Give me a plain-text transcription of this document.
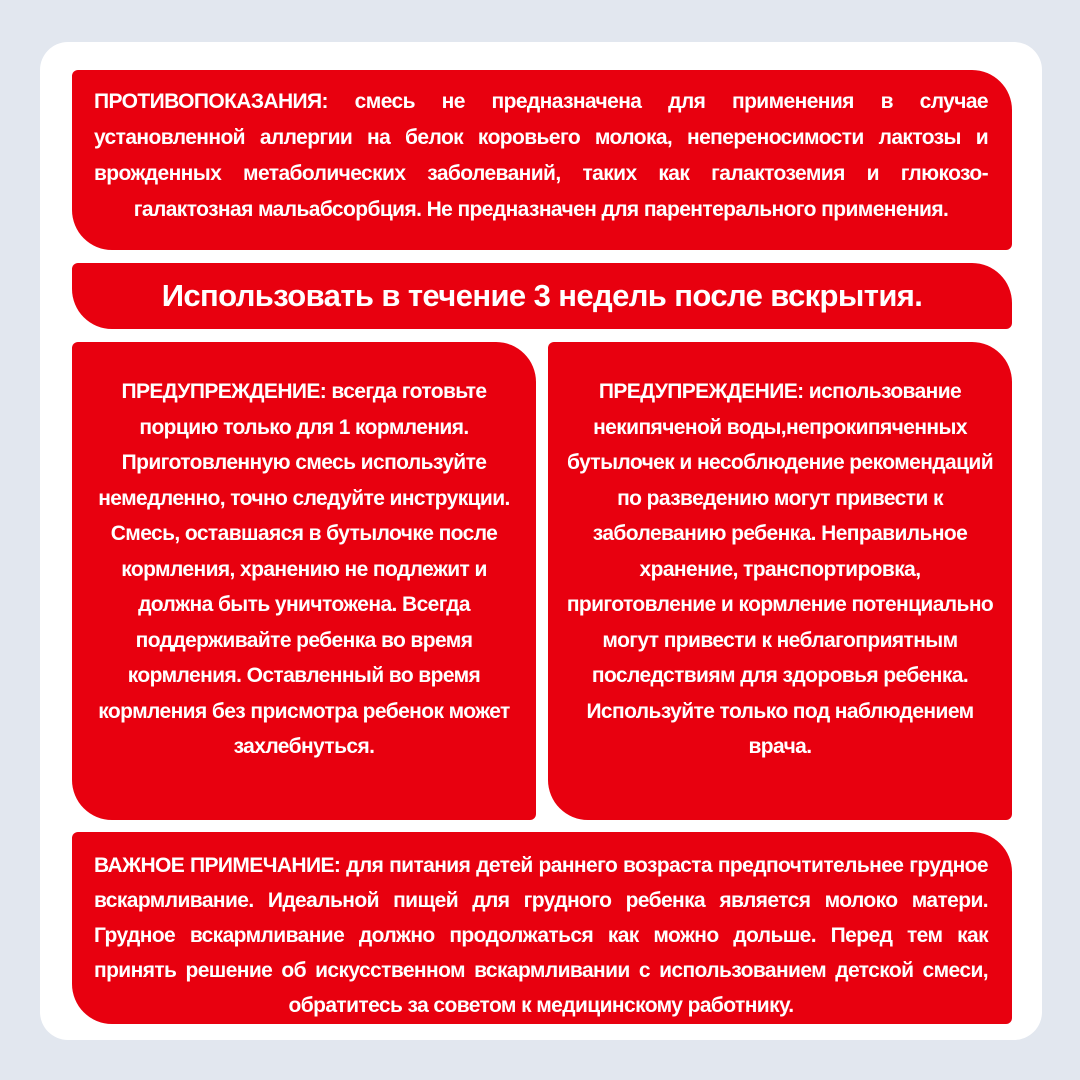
ПРОТИВОПОКАЗАНИЯ: смесь не предназначена для применения в случае установленной аллергии на белок коровьего молока, непереносимости лактозы и врожденных метаболических заболеваний, таких как галактоземия и глюкозо-галактозная мальабсорбция. Не предназначен для парентерального применения.

Использовать в течение 3 недель после вскрытия.

ПРЕДУПРЕЖДЕНИЕ: всегда готовьте порцию только для 1 кормления. Приготовленную смесь используйте немедленно, точно следуйте инструкции. Смесь, оставшаяся в бутылочке после кормления, хранению не подлежит и должна быть уничтожена. Всегда поддерживайте ребенка во время кормления. Оставленный во время кормления без присмотра ребенок может захлебнуться.

ПРЕДУПРЕЖДЕНИЕ: использование некипяченой воды,непрокипяченных бутылочек и несоблюдение рекомендаций по разведению могут привести к заболеванию ребенка. Неправильное хранение, транспортировка, приготовление и кормление потенциально могут привести к неблагоприятным последствиям для здоровья ребенка. Используйте только под наблюдением врача.

ВАЖНОЕ ПРИМЕЧАНИЕ: для питания детей раннего возраста предпочтительнее грудное вскармливание. Идеальной пищей для грудного ребенка является молоко матери. Грудное вскармливание должно продолжаться как можно дольше. Перед тем как принять решение об искусственном вскармливании с использованием детской смеси, обратитесь за советом к медицинскому работнику.
